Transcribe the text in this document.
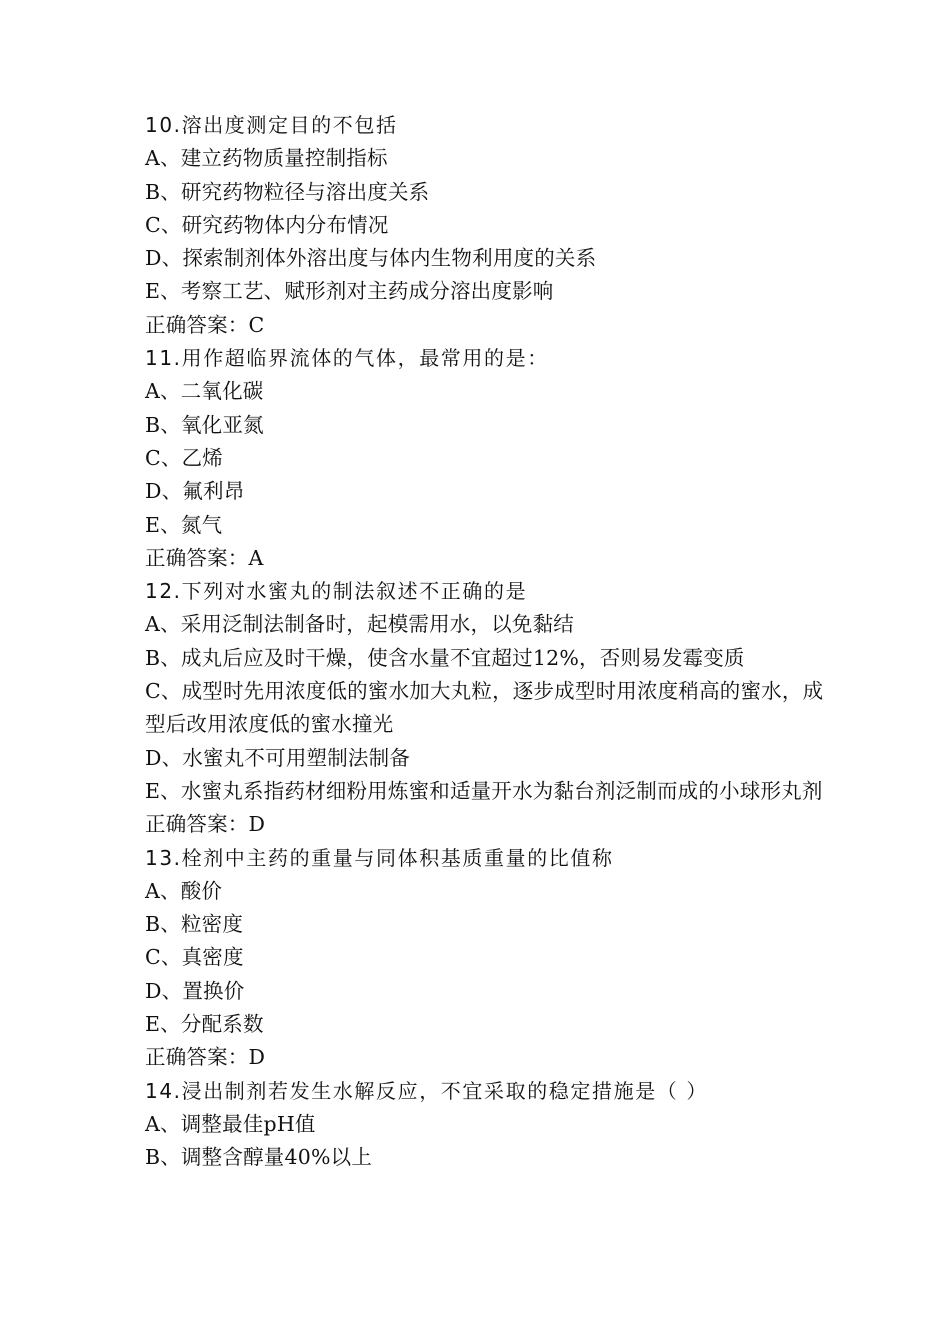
10.溶出度测定目的不包括
A、建立药物质量控制指标
B、研究药物粒径与溶出度关系
C、研究药物体内分布情况
D、探索制剂体外溶出度与体内生物利用度的关系
E、考察工艺、赋形剂对主药成分溶出度影响
正确答案：C
11.用作超临界流体的气体，最常用的是：
A、二氧化碳
B、氧化亚氮
C、乙烯
D、氟利昂
E、氮气
正确答案：A
12.下列对水蜜丸的制法叙述不正确的是
A、采用泛制法制备时，起模需用水，以免黏结
B、成丸后应及时干燥，使含水量不宜超过12%，否则易发霉变质
C、成型时先用浓度低的蜜水加大丸粒，逐步成型时用浓度稍高的蜜水，成型后改用浓度低的蜜水撞光
D、水蜜丸不可用塑制法制备
E、水蜜丸系指药材细粉用炼蜜和适量开水为黏台剂泛制而成的小球形丸剂
正确答案：D
13.栓剂中主药的重量与同体积基质重量的比值称
A、酸价
B、粒密度
C、真密度
D、置换价
E、分配系数
正确答案：D
14.浸出制剂若发生水解反应，不宜采取的稳定措施是（ ）
A、调整最佳pH值
B、调整含醇量40%以上
